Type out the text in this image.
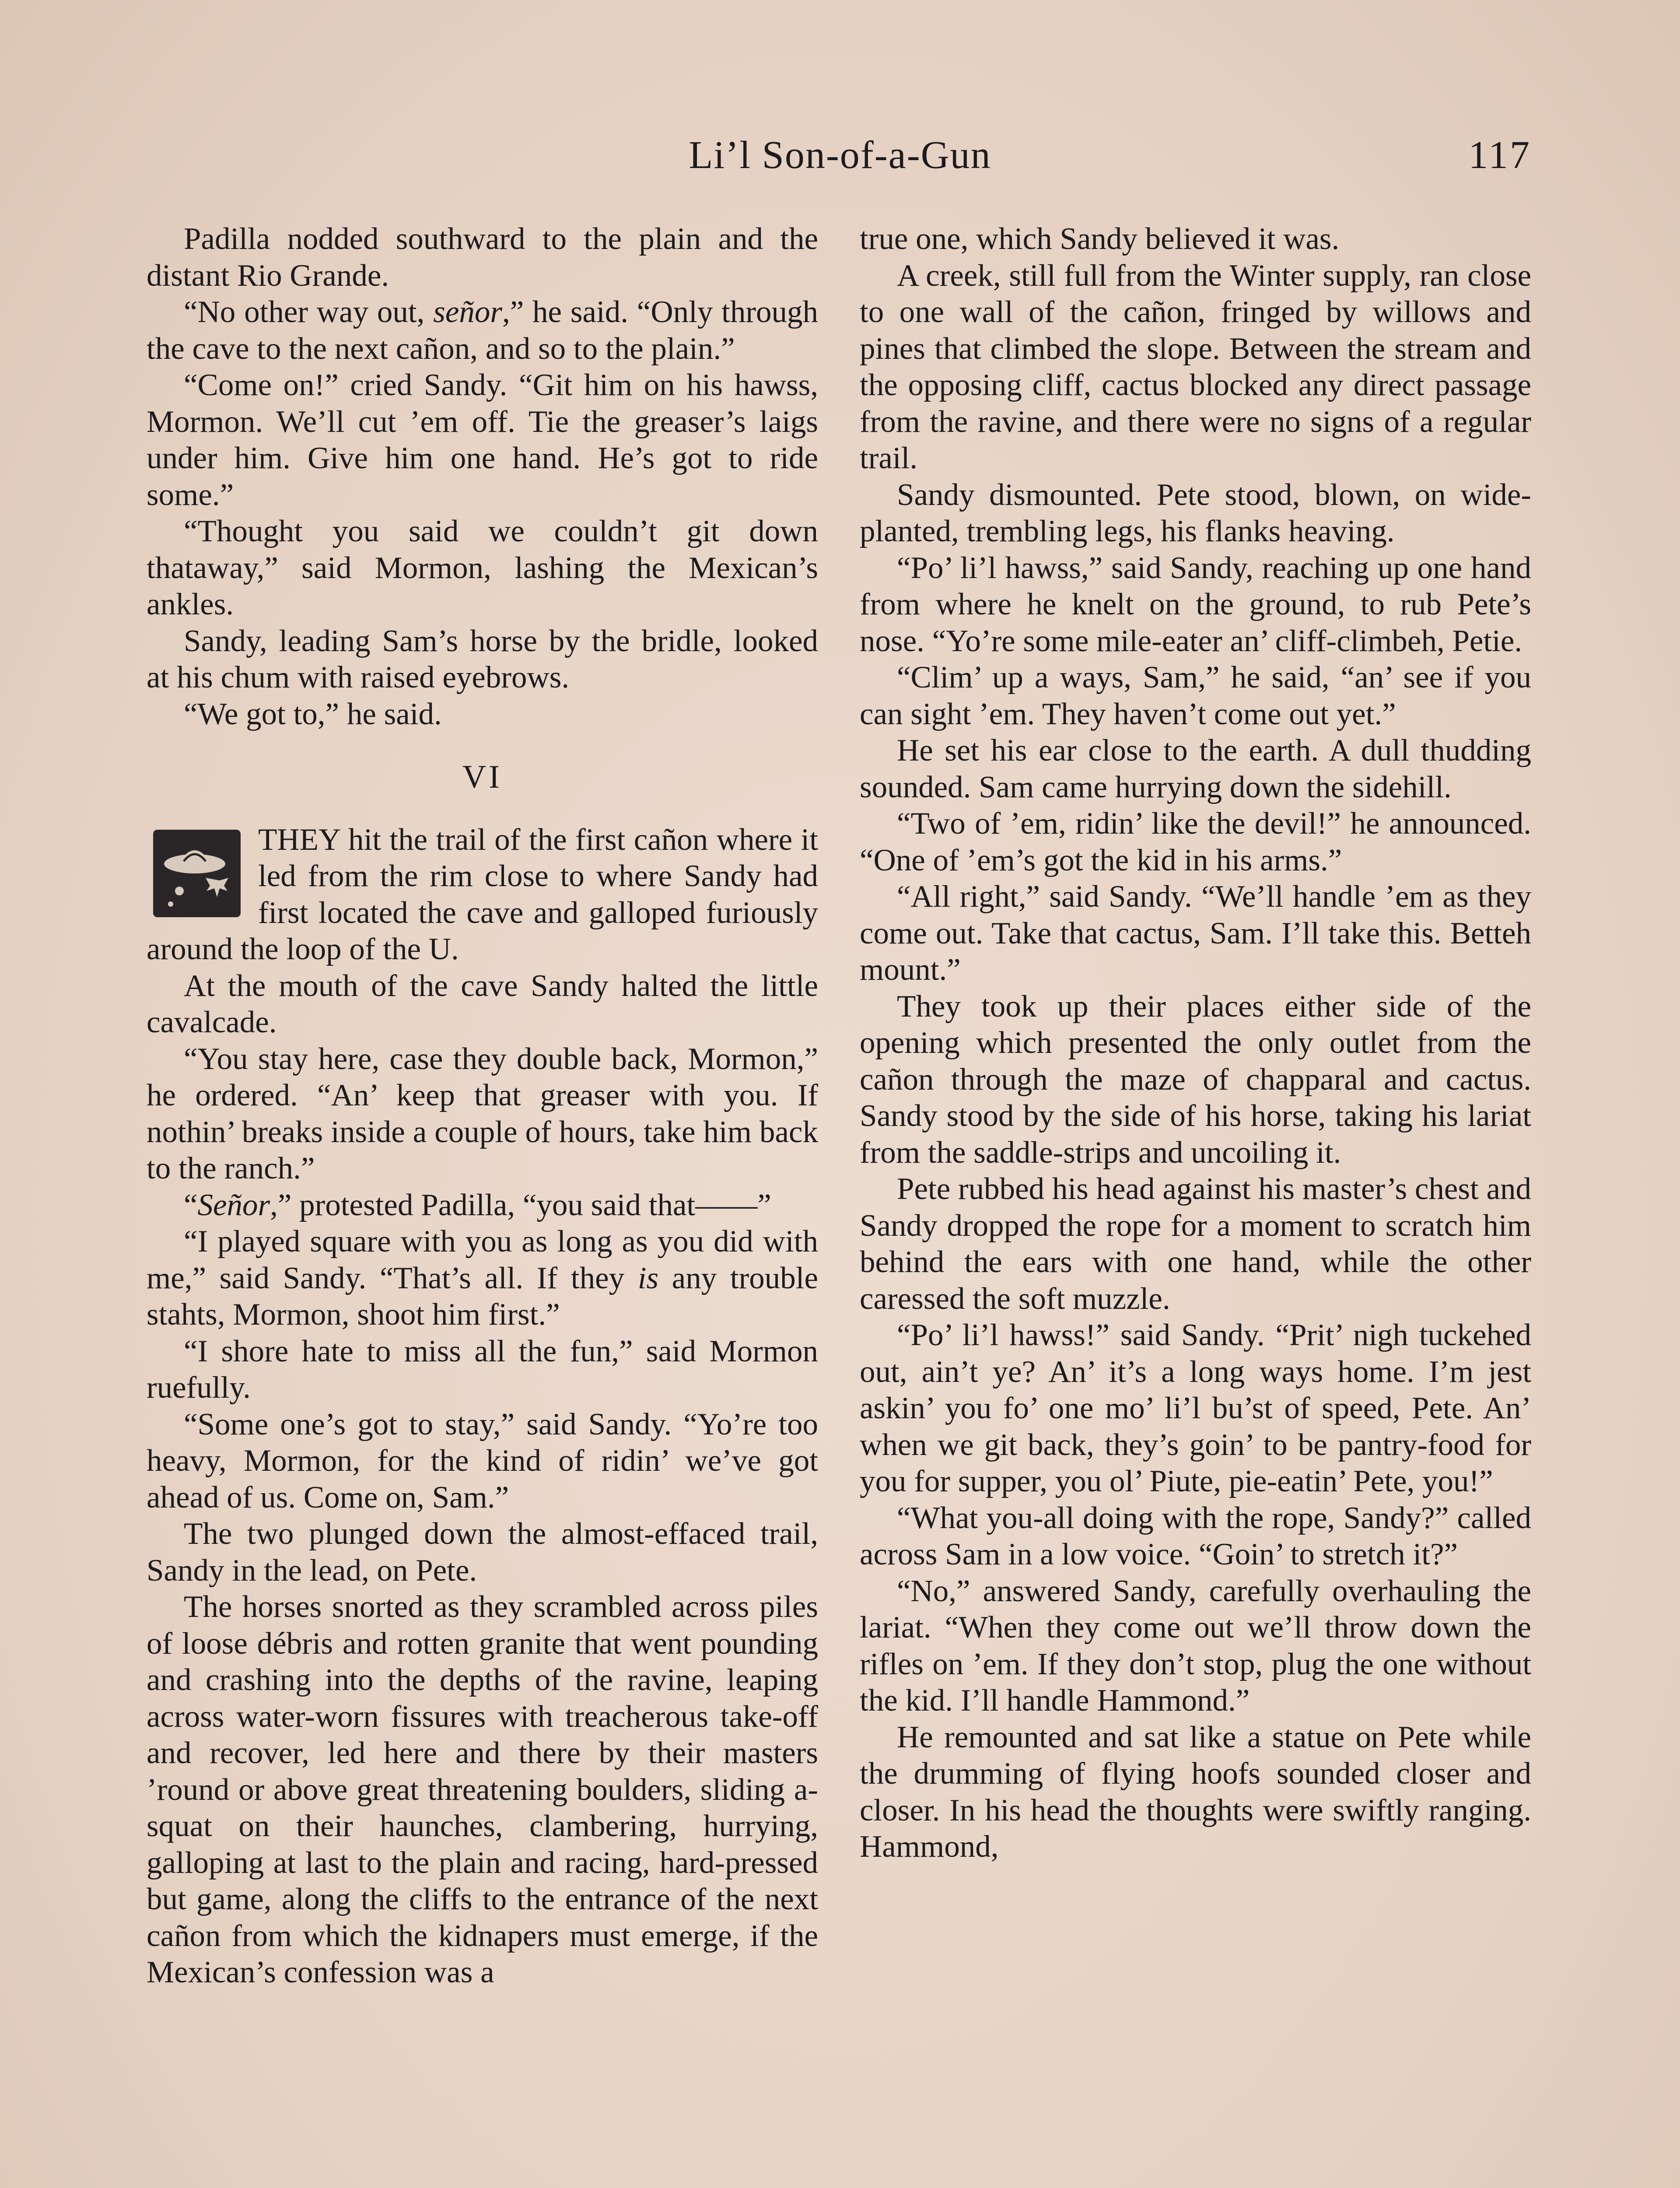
Li’l Son-of-a-Gun	117

Padilla nodded southward to the plain and the distant Rio Grande.

“No other way out, señor,” he said. “Only through the cave to the next cañon, and so to the plain.”

“Come on!” cried Sandy. “Git him on his hawss, Mormon. We’ll cut ’em off. Tie the greaser’s laigs under him. Give him one hand. He’s got to ride some.”

“Thought you said we couldn’t git down thataway,” said Mormon, lashing the Mexican’s ankles.

Sandy, leading Sam’s horse by the bridle, looked at his chum with raised eyebrows.

“We got to,” he said.

VI

THEY hit the trail of the first cañon where it led from the rim close to where Sandy had first located the cave and galloped furiously around the loop of the U.

At the mouth of the cave Sandy halted the little cavalcade.

“You stay here, case they double back, Mormon,” he ordered. “An’ keep that greaser with you. If nothin’ breaks inside a couple of hours, take him back to the ranch.”

“Señor,” protested Padilla, “you said that——”

“I played square with you as long as you did with me,” said Sandy. “That’s all. If they is any trouble stahts, Mormon, shoot him first.”

“I shore hate to miss all the fun,” said Mormon ruefully.

“Some one’s got to stay,” said Sandy. “Yo’re too heavy, Mormon, for the kind of ridin’ we’ve got ahead of us. Come on, Sam.”

The two plunged down the almost-effaced trail, Sandy in the lead, on Pete.

The horses snorted as they scrambled across piles of loose débris and rotten granite that went pounding and crashing into the depths of the ravine, leaping across water-worn fissures with treacherous take-off and recover, led here and there by their masters ’round or above great threatening boulders, sliding a-squat on their haunches, clambering, hurrying, galloping at last to the plain and racing, hard-pressed but game, along the cliffs to the entrance of the next cañon from which the kidnapers must emerge, if the Mexican’s confession was a

true one, which Sandy believed it was.

A creek, still full from the Winter supply, ran close to one wall of the cañon, fringed by willows and pines that climbed the slope. Between the stream and the opposing cliff, cactus blocked any direct passage from the ravine, and there were no signs of a regular trail.

Sandy dismounted. Pete stood, blown, on wide-planted, trembling legs, his flanks heaving.

“Po’ li’l hawss,” said Sandy, reaching up one hand from where he knelt on the ground, to rub Pete’s nose. “Yo’re some mile-eater an’ cliff-climbeh, Petie.

“Clim’ up a ways, Sam,” he said, “an’ see if you can sight ’em. They haven’t come out yet.”

He set his ear close to the earth. A dull thudding sounded. Sam came hurrying down the sidehill.

“Two of ’em, ridin’ like the devil!” he announced. “One of ’em’s got the kid in his arms.”

“All right,” said Sandy. “We’ll handle ’em as they come out. Take that cactus, Sam. I’ll take this. Betteh mount.”

They took up their places either side of the opening which presented the only outlet from the cañon through the maze of chapparal and cactus. Sandy stood by the side of his horse, taking his lariat from the saddle-strips and uncoiling it.

Pete rubbed his head against his master’s chest and Sandy dropped the rope for a moment to scratch him behind the ears with one hand, while the other caressed the soft muzzle.

“Po’ li’l hawss!” said Sandy. “Prit’ nigh tuckehed out, ain’t ye? An’ it’s a long ways home. I’m jest askin’ you fo’ one mo’ li’l bu’st of speed, Pete. An’ when we git back, they’s goin’ to be pantry-food for you for supper, you ol’ Piute, pie-eatin’ Pete, you!”

“What you-all doing with the rope, Sandy?” called across Sam in a low voice. “Goin’ to stretch it?”

“No,” answered Sandy, carefully overhauling the lariat. “When they come out we’ll throw down the rifles on ’em. If they don’t stop, plug the one without the kid. I’ll handle Hammond.”

He remounted and sat like a statue on Pete while the drumming of flying hoofs sounded closer and closer. In his head the thoughts were swiftly ranging. Hammond,
